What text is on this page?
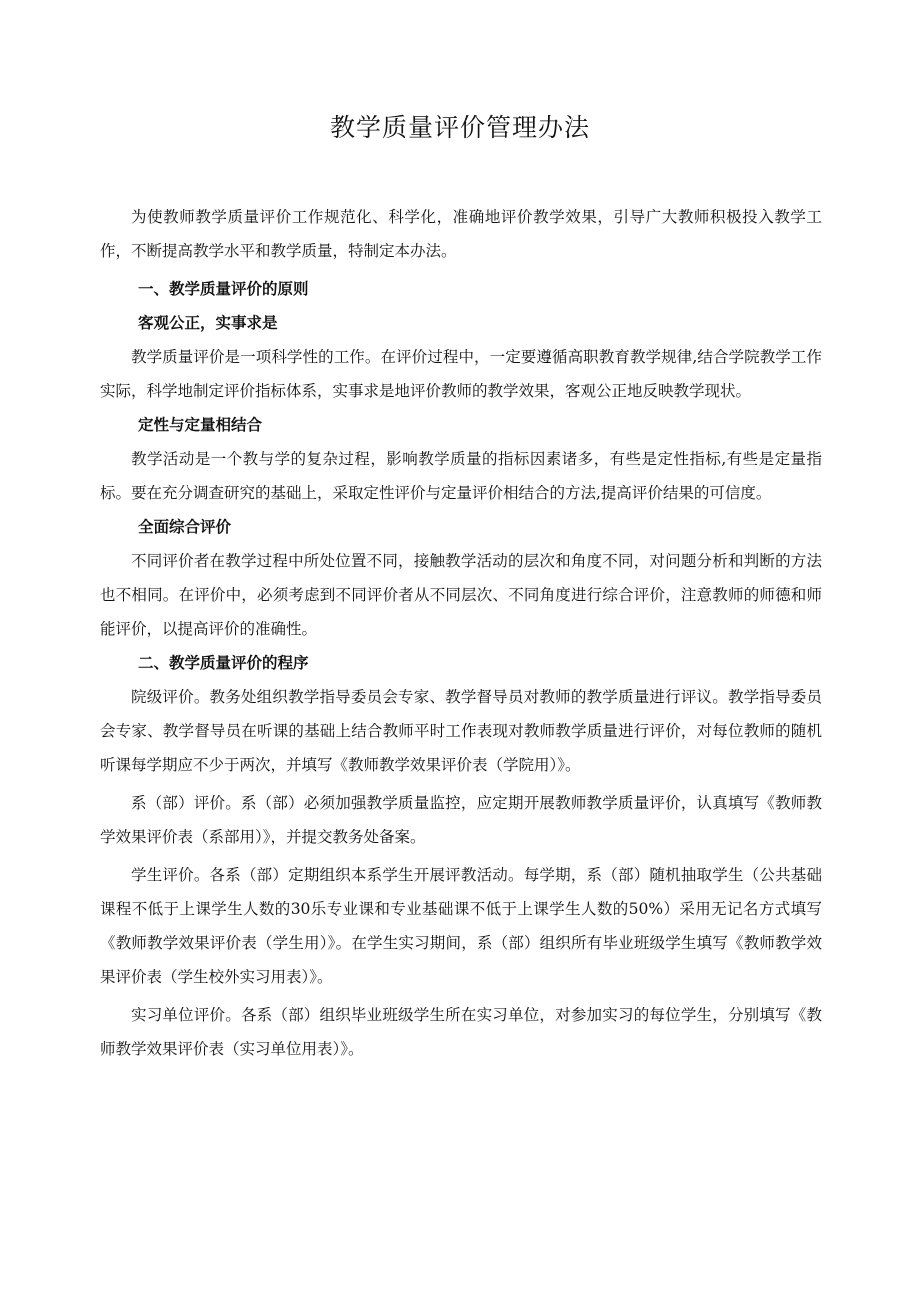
教学质量评价管理办法

为使教师教学质量评价工作规范化、科学化，准确地评价教学效果，引导广大教师积极投入教学工作，不断提高教学水平和教学质量，特制定本办法。

一、教学质量评价的原则

客观公正，实事求是

教学质量评价是一项科学性的工作。在评价过程中，一定要遵循高职教育教学规律,结合学院教学工作实际，科学地制定评价指标体系，实事求是地评价教师的教学效果，客观公正地反映教学现状。

定性与定量相结合

教学活动是一个教与学的复杂过程，影响教学质量的指标因素诸多，有些是定性指标,有些是定量指标。要在充分调查研究的基础上，采取定性评价与定量评价相结合的方法,提高评价结果的可信度。

全面综合评价

不同评价者在教学过程中所处位置不同，接触教学活动的层次和角度不同，对问题分析和判断的方法也不相同。在评价中，必须考虑到不同评价者从不同层次、不同角度进行综合评价，注意教师的师德和师能评价，以提高评价的准确性。

二、教学质量评价的程序

院级评价。教务处组织教学指导委员会专家、教学督导员对教师的教学质量进行评议。教学指导委员会专家、教学督导员在听课的基础上结合教师平时工作表现对教师教学质量进行评价，对每位教师的随机听课每学期应不少于两次，并填写《教师教学效果评价表（学院用）》。

系（部）评价。系（部）必须加强教学质量监控，应定期开展教师教学质量评价，认真填写《教师教学效果评价表（系部用）》，并提交教务处备案。

学生评价。各系（部）定期组织本系学生开展评教活动。每学期，系（部）随机抽取学生（公共基础课程不低于上课学生人数的30乐专业课和专业基础课不低于上课学生人数的50%）采用无记名方式填写《教师教学效果评价表（学生用）》。在学生实习期间，系（部）组织所有毕业班级学生填写《教师教学效果评价表（学生校外实习用表）》。

实习单位评价。各系（部）组织毕业班级学生所在实习单位，对参加实习的每位学生，分别填写《教师教学效果评价表（实习单位用表）》。
